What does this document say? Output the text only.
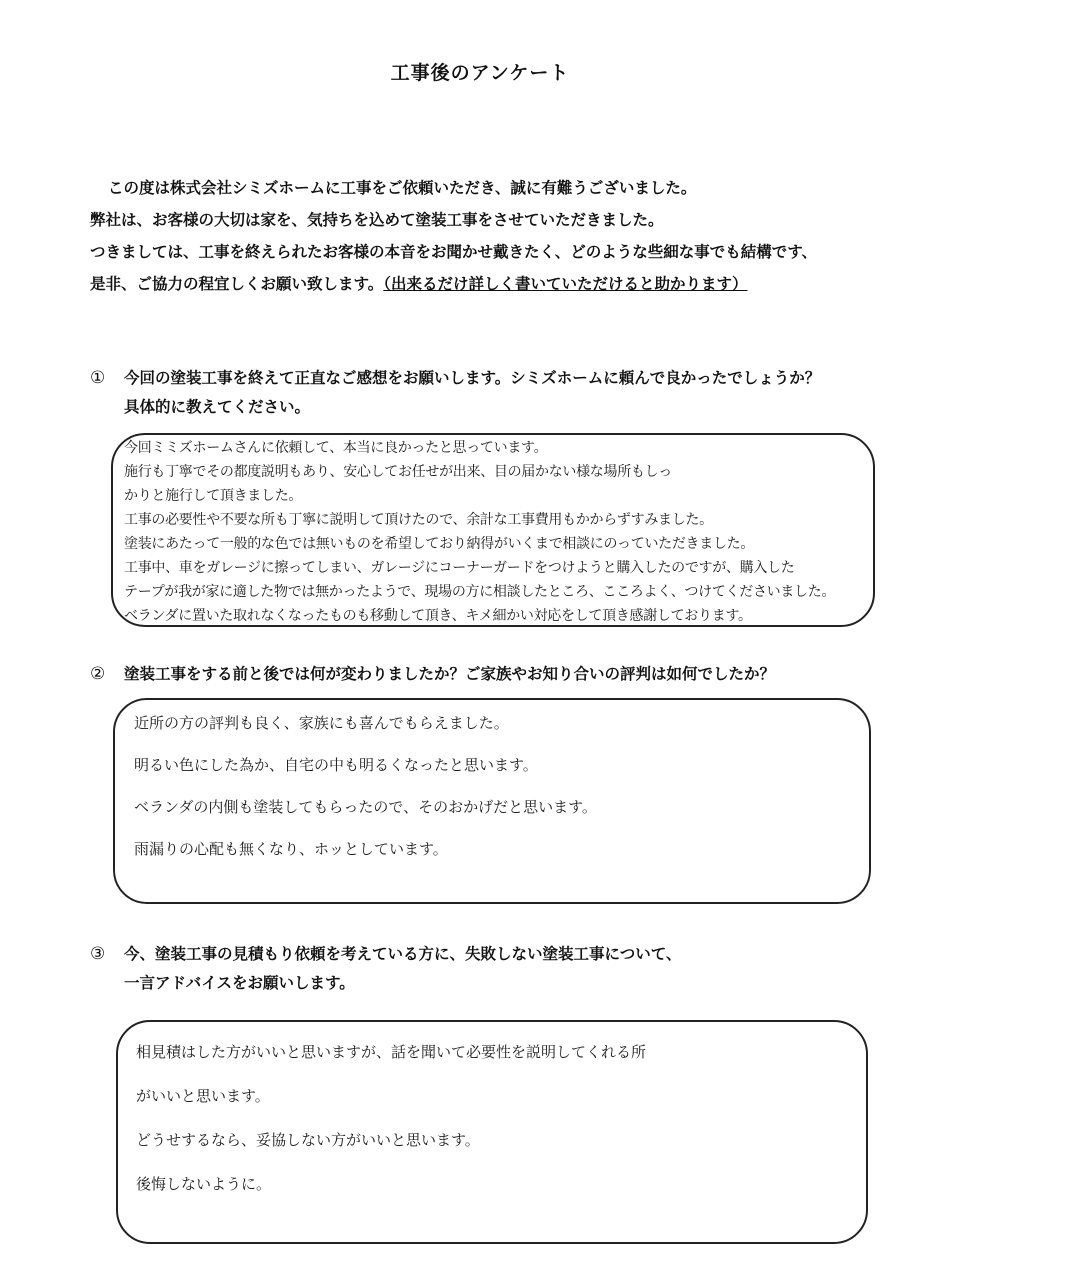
工事後のアンケート
この度は株式会社シミズホームに工事をご依頼いただき、誠に有難うございました。
弊社は、お客様の大切は家を、気持ちを込めて塗装工事をさせていただきました。
つきましては、工事を終えられたお客様の本音をお聞かせ戴きたく、どのような些細な事でも結構です、
是非、ご協力の程宜しくお願い致します。（出来るだけ詳しく書いていただけると助かります）
① 今回の塗装工事を終えて正直なご感想をお願いします。シミズホームに頼んで良かったでしょうか？
具体的に教えてください。
今回ミミズホームさんに依頼して、本当に良かったと思っています。
施行も丁寧でその都度説明もあり、安心してお任せが出来、目の届かない様な場所もしっ
かりと施行して頂きました。
工事の必要性や不要な所も丁寧に説明して頂けたので、余計な工事費用もかからずすみました。
塗装にあたって一般的な色では無いものを希望しており納得がいくまで相談にのっていただきました。
工事中、車をガレージに擦ってしまい、ガレージにコーナーガードをつけようと購入したのですが、購入した
テープが我が家に適した物では無かったようで、現場の方に相談したところ、こころよく、つけてくださいました。
ベランダに置いた取れなくなったものも移動して頂き、キメ細かい対応をして頂き感謝しております。
② 塗装工事をする前と後では何が変わりましたか？ご家族やお知り合いの評判は如何でしたか？
近所の方の評判も良く、家族にも喜んでもらえました。
明るい色にした為か、自宅の中も明るくなったと思います。
ベランダの内側も塗装してもらったので、そのおかげだと思います。
雨漏りの心配も無くなり、ホッとしています。
③ 今、塗装工事の見積もり依頼を考えている方に、失敗しない塗装工事について、
一言アドバイスをお願いします。
相見積はした方がいいと思いますが、話を聞いて必要性を説明してくれる所
がいいと思います。
どうせするなら、妥協しない方がいいと思います。
後悔しないように。
